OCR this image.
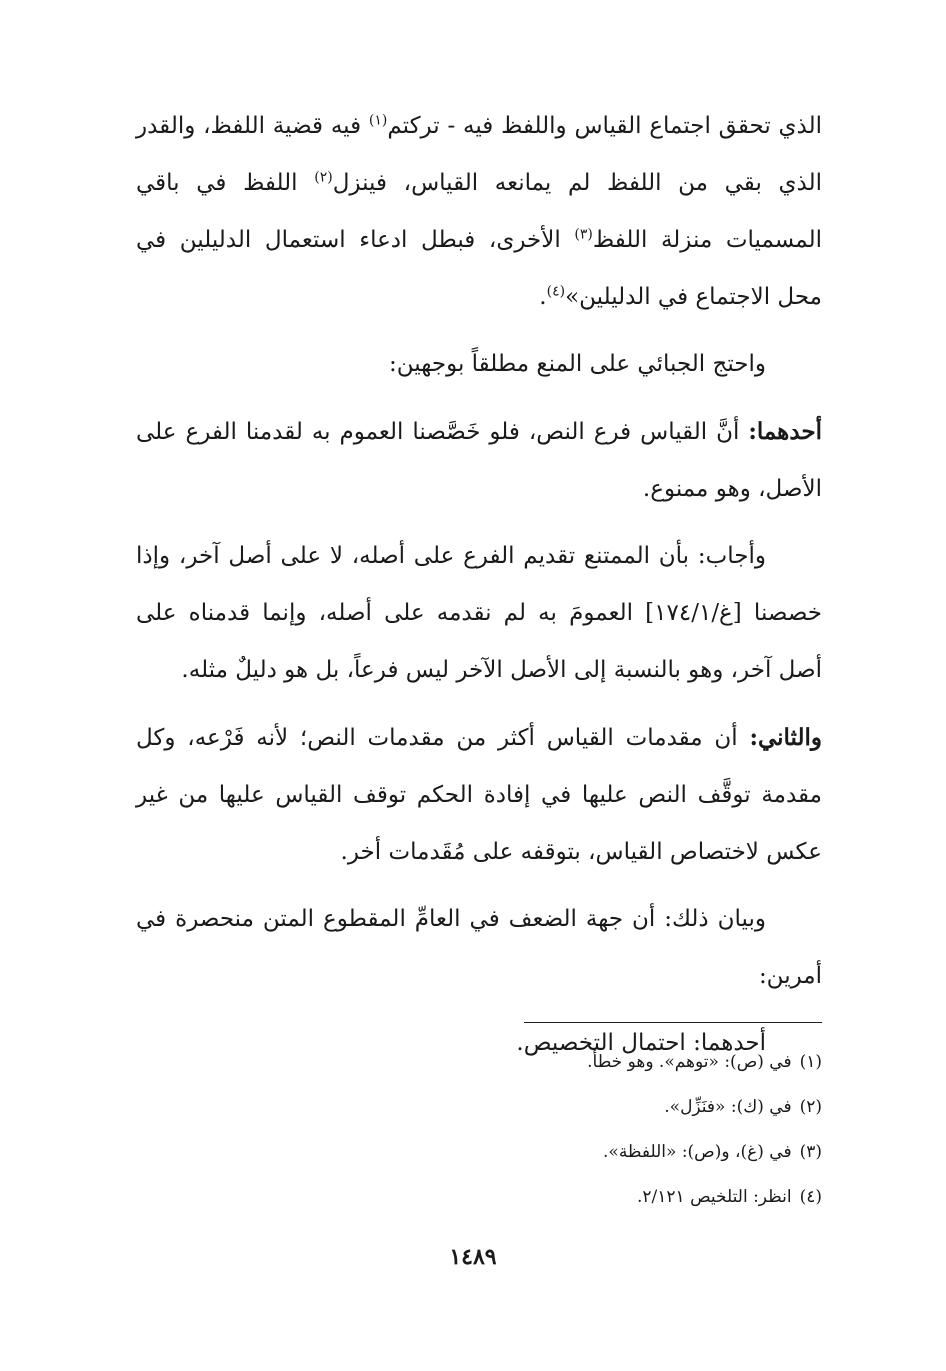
الذي تحقق اجتماع القياس واللفظ فيه - تركتم$^{(١)}$ فيه قضية اللفظ، والقدر الذي بقي من اللفظ لم يمانعه القياس، فينزل$^{(٢)}$ اللفظ في باقي المسميات منزلة اللفظ$^{(٣)}$ الأخرى، فبطل ادعاء استعمال الدليلين في محل الاجتماع في الدليلين»$^{(٤)}$.

واحتج الجبائي على المنع مطلقاً بوجهين:

أحدهما: أنَّ القياس فرع النص، فلو خَصَّصنا العموم به لقدمنا الفرع على الأصل، وهو ممنوع.

وأجاب: بأن الممتنع تقديم الفرع على أصله، لا على أصل آخر، وإذا خصصنا [غ/١٧٤/١] العمومَ به لم نقدمه على أصله، وإنما قدمناه على أصل آخر، وهو بالنسبة إلى الأصل الآخر ليس فرعاً، بل هو دليلٌ مثله.

والثاني: أن مقدمات القياس أكثر من مقدمات النص؛ لأنه فَرْعه، وكل مقدمة توقَّف النص عليها في إفادة الحكم توقف القياس عليها من غير عكس لاختصاص القياس، بتوقفه على مُقَدمات أخر.

وبيان ذلك: أن جهة الضعف في العامِّ المقطوع المتن منحصرة في أمرين:

أحدهما: احتمال التخصيص.

(١)في (ص): «توهم». وهو خطأ.

(٢)في (ك): «فنَزِّل».

(٣)في (غ)، و(ص): «اللفظة».

(٤)انظر: التلخيص ٢/١٢١.

١٤٨٩
